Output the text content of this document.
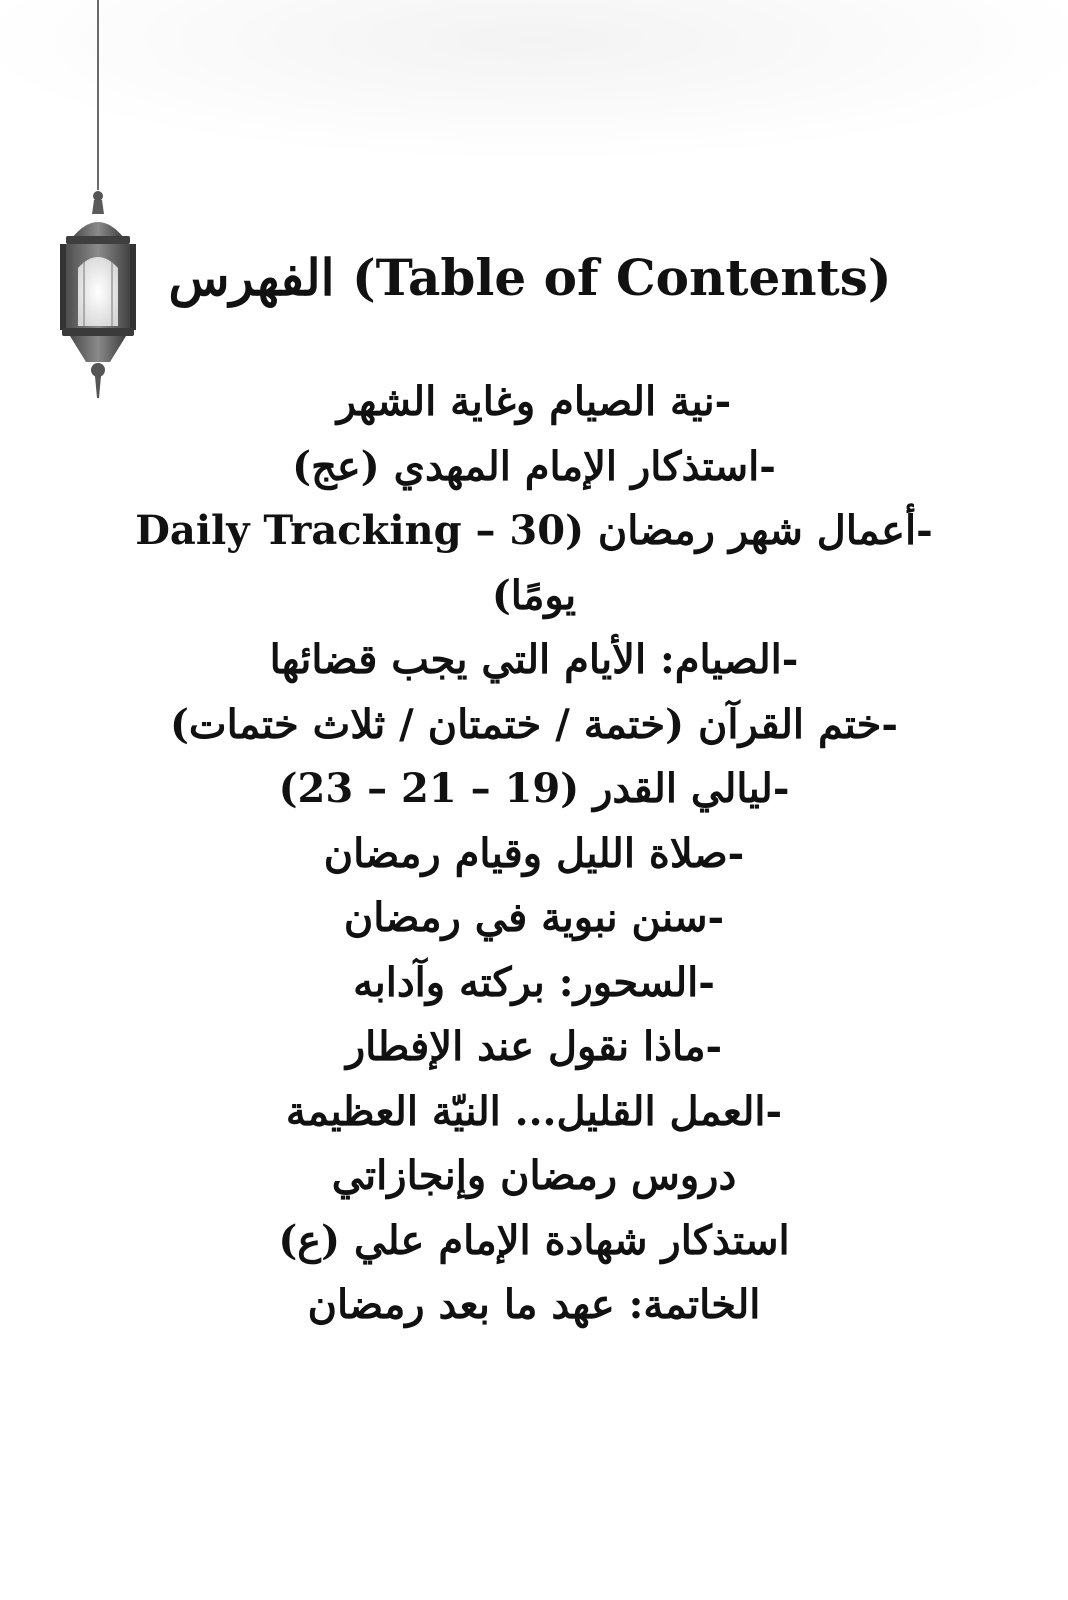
الفهرس (Table of Contents)
-نية الصيام وغاية الشهر
-استذكار الإمام المهدي (عج)
-أعمال شهر رمضان (Daily Tracking – 30
يومًا)
-الصيام: الأيام التي يجب قضائها
-ختم القرآن (ختمة / ختمتان / ثلاث ختمات)
-ليالي القدر (19 – 21 – 23)
-صلاة الليل وقيام رمضان
-سنن نبوية في رمضان
-السحور: بركته وآدابه
-ماذا نقول عند الإفطار
-العمل القليل... النيّة العظيمة
دروس رمضان وإنجازاتي
استذكار شهادة الإمام علي (ع)
الخاتمة: عهد ما بعد رمضان
